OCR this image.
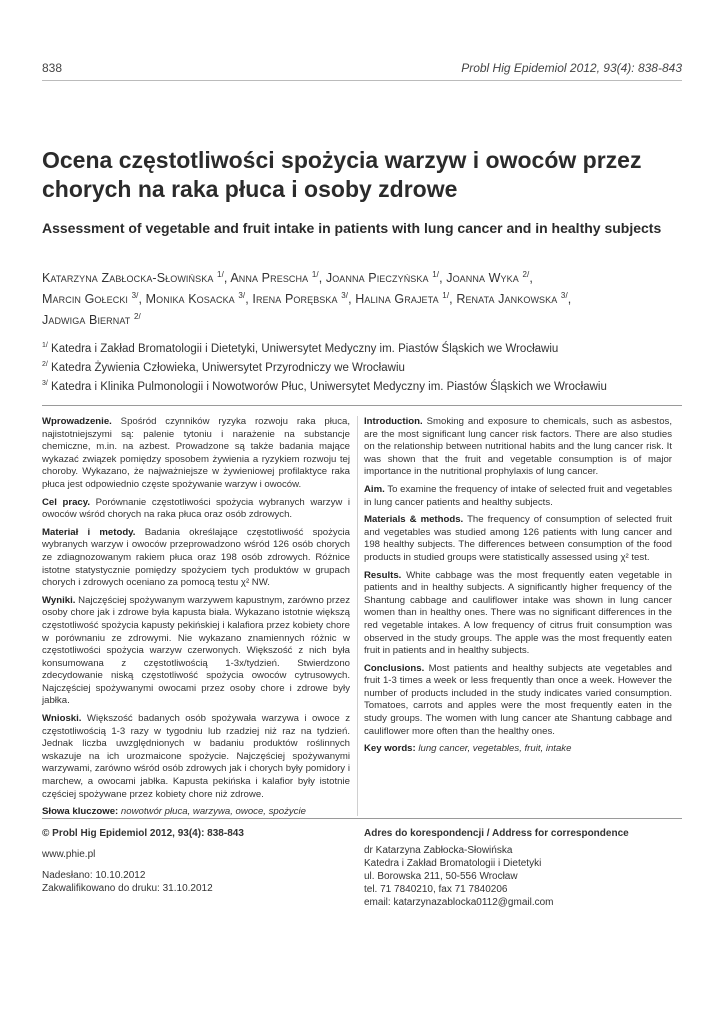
838	Probl Hig Epidemiol 2012, 93(4): 838-843
Ocena częstotliwości spożycia warzyw i owoców przez chorych na raka płuca i osoby zdrowe
Assessment of vegetable and fruit intake in patients with lung cancer and in healthy subjects

Katarzyna Zabłocka-Słowińska $^{1/}$, Anna Prescha $^{1/}$, Joanna Pieczyńska $^{1/}$, Joanna Wyka $^{2/}$,
Marcin Gołecki $^{3/}$, Monika Kosacka $^{3/}$, Irena Porębska $^{3/}$, Halina Grajeta $^{1/}$, Renata Jankowska $^{3/}$,
Jadwiga Biernat $^{2/}$

$^{1/}$ Katedra i Zakład Bromatologii i Dietetyki, Uniwersytet Medyczny im. Piastów Śląskich we Wrocławiu
$^{2/}$ Katedra Żywienia Człowieka, Uniwersytet Przyrodniczy we Wrocławiu
$^{3/}$ Katedra i Klinika Pulmonologii i Nowotworów Płuc, Uniwersytet Medyczny im. Piastów Śląskich we Wrocławiu

Wprowadzenie. Spośród czynników ryzyka rozwoju raka płuca, najistotniejszymi są: palenie tytoniu i narażenie na substancje chemiczne, m.in. na azbest. Prowadzone są także badania mające wykazać związek pomiędzy sposobem żywienia a ryzykiem rozwoju tej choroby. Wykazano, że najważniejsze w żywieniowej profilaktyce raka płuca jest odpowiednio częste spożywanie warzyw i owoców.

Cel pracy. Porównanie częstotliwości spożycia wybranych warzyw i owoców wśród chorych na raka płuca oraz osób zdrowych.

Materiał i metody. Badania określające częstotliwość spożycia wybranych warzyw i owoców przeprowadzono wśród 126 osób chorych ze zdiagnozowanym rakiem płuca oraz 198 osób zdrowych. Różnice istotne statystycznie pomiędzy spożyciem tych produktów w grupach chorych i zdrowych oceniano za pomocą testu χ² NW.

Wyniki. Najczęściej spożywanym warzywem kapustnym, zarówno przez osoby chore jak i zdrowe była kapusta biała. Wykazano istotnie większą częstotliwość spożycia kapusty pekińskiej i kalafiora przez kobiety chore w porównaniu ze zdrowymi. Nie wykazano znamiennych różnic w częstotliwości spożycia warzyw czerwonych. Większość z nich była konsumowana z częstotliwością 1-3x/tydzień. Stwierdzono zdecydowanie niską częstotliwość spożycia owoców cytrusowych. Najczęściej spożywanymi owocami przez osoby chore i zdrowe były jabłka.

Wnioski. Większość badanych osób spożywała warzywa i owoce z częstotliwością 1-3 razy w tygodniu lub rzadziej niż raz na tydzień. Jednak liczba uwzględnionych w badaniu produktów roślinnych wskazuje na ich urozmaicone spożycie. Najczęściej spożywanymi warzywami, zarówno wśród osób zdrowych jak i chorych były pomidory i marchew, a owocami jabłka. Kapusta pekińska i kalafior były istotnie częściej spożywane przez kobiety chore niż zdrowe.

Słowa kluczowe: nowotwór płuca, warzywa, owoce, spożycie

Introduction. Smoking and exposure to chemicals, such as asbestos, are the most significant lung cancer risk factors. There are also studies on the relationship between nutritional habits and the lung cancer risk. It was shown that the fruit and vegetable consumption is of major importance in the nutritional prophylaxis of lung cancer.

Aim. To examine the frequency of intake of selected fruit and vegetables in lung cancer patients and healthy subjects.

Materials & methods. The frequency of consumption of selected fruit and vegetables was studied among 126 patients with lung cancer and 198 healthy subjects. The differences between consumption of the food products in studied groups were statistically assessed using χ² test.

Results. White cabbage was the most frequently eaten vegetable in patients and in healthy subjects. A significantly higher frequency of the Shantung cabbage and cauliflower intake was shown in lung cancer women than in healthy ones. There was no significant differences in the red vegetable intakes. A low frequency of citrus fruit consumption was observed in the study groups. The apple was the most frequently eaten fruit in patients and in healthy subjects.

Conclusions. Most patients and healthy subjects ate vegetables and fruit 1-3 times a week or less frequently than once a week. However the number of products included in the study indicates varied consumption. Tomatoes, carrots and apples were the most frequently eaten in the study groups. The women with lung cancer ate Shantung cabbage and cauliflower more often than the healthy ones.

Key words: lung cancer, vegetables, fruit, intake

© Probl Hig Epidemiol 2012, 93(4): 838-843
www.phie.pl
Nadesłano: 10.10.2012
Zakwalifikowano do druku: 31.10.2012
Adres do korespondencji / Address for correspondence
dr Katarzyna Zabłocka-Słowińska
Katedra i Zakład Bromatologii i Dietetyki
ul. Borowska 211, 50-556 Wrocław
tel. 71 7840210, fax 71 7840206
email: katarzynazablocka0112@gmail.com
